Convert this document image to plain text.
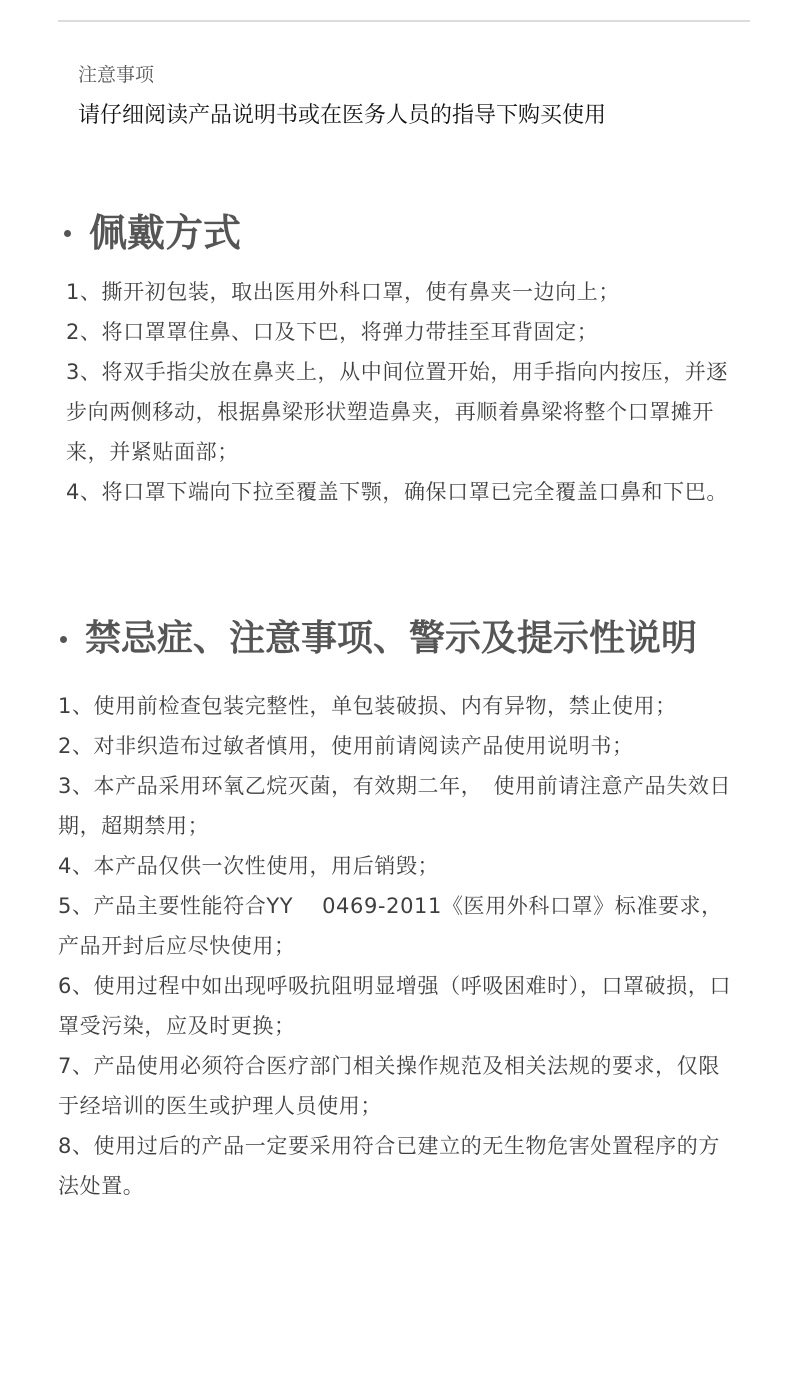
注意事项
请仔细阅读产品说明书或在医务人员的指导下购买使用
佩戴方式
1、撕开初包装，取出医用外科口罩，使有鼻夹一边向上；
2、将口罩罩住鼻、口及下巴，将弹力带挂至耳背固定；
3、将双手指尖放在鼻夹上，从中间位置开始，用手指向内按压，并逐步向两侧移动，根据鼻梁形状塑造鼻夹，再顺着鼻梁将整个口罩摊开来，并紧贴面部；
4、将口罩下端向下拉至覆盖下颚，确保口罩已完全覆盖口鼻和下巴。
禁忌症、注意事项、警示及提示性说明
1、使用前检查包装完整性，单包装破损、内有异物，禁止使用；
2、对非织造布过敏者慎用，使用前请阅读产品使用说明书；
3、本产品采用环氧乙烷灭菌，有效期二年，　使用前请注意产品失效日期，超期禁用；
4、本产品仅供一次性使用，用后销毁；
5、产品主要性能符合YY　 0469-2011《医用外科口罩》标准要求，产品开封后应尽快使用；
6、使用过程中如出现呼吸抗阻明显增强（呼吸困难时），口罩破损，口罩受污染，应及时更换；
7、产品使用必须符合医疗部门相关操作规范及相关法规的要求，仅限于经培训的医生或护理人员使用；
8、使用过后的产品一定要采用符合已建立的无生物危害处置程序的方法处置。
